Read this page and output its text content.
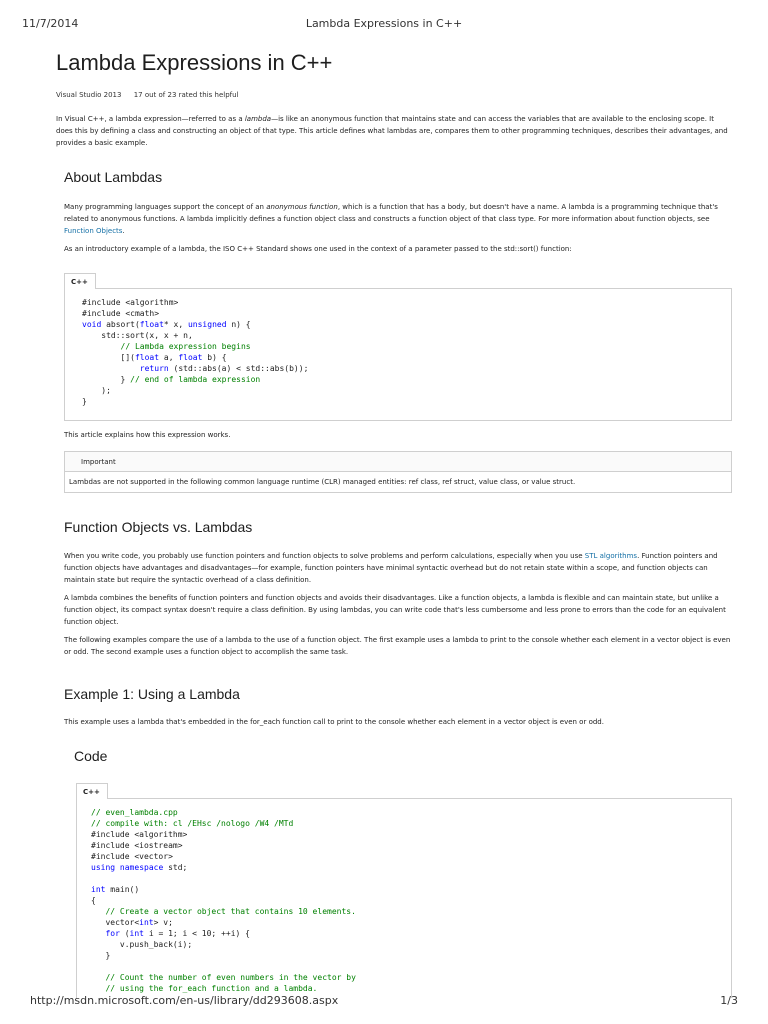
11/7/2014	Lambda Expressions in C++
Lambda Expressions in C++
Visual Studio 2013 17 out of 23 rated this helpful

In Visual C++, a lambda expression—referred to as a lambda—is like an anonymous function that maintains state and can access the variables that are available to the enclosing scope. It does this by defining a class and constructing an object of that type. This article defines what lambdas are, compares them to other programming techniques, describes their advantages, and provides a basic example.

About Lambdas

Many programming languages support the concept of an anonymous function, which is a function that has a body, but doesn't have a name. A lambda is a programming technique that's related to anonymous functions. A lambda implicitly defines a function object class and constructs a function object of that class type. For more information about function objects, see Function Objects.

As an introductory example of a lambda, the ISO C++ Standard shows one used in the context of a parameter passed to the std::sort() function:

C++
#include <algorithm>
#include <cmath>
void absort(float* x, unsigned n) {
std::sort(x, x + n,
// Lambda expression begins
[](float a, float b) {
return (std::abs(a) < std::abs(b));
} // end of lambda expression
);
}

This article explains how this expression works.

Important
Lambdas are not supported in the following common language runtime (CLR) managed entities: ref class, ref struct, value class, or value struct.
Function Objects vs. Lambdas

When you write code, you probably use function pointers and function objects to solve problems and perform calculations, especially when you use STL algorithms. Function pointers and function objects have advantages and disadvantages—for example, function pointers have minimal syntactic overhead but do not retain state within a scope, and function objects can maintain state but require the syntactic overhead of a class definition.

A lambda combines the benefits of function pointers and function objects and avoids their disadvantages. Like a function objects, a lambda is flexible and can maintain state, but unlike a function object, its compact syntax doesn't require a class definition. By using lambdas, you can write code that's less cumbersome and less prone to errors than the code for an equivalent function object.

The following examples compare the use of a lambda to the use of a function object. The first example uses a lambda to print to the console whether each element in a vector object is even or odd. The second example uses a function object to accomplish the same task.

Example 1: Using a Lambda

This example uses a lambda that's embedded in the for_each function call to print to the console whether each element in a vector object is even or odd.

Code
C++
// even_lambda.cpp
// compile with: cl /EHsc /nologo /W4 /MTd
#include <algorithm>
#include <iostream>
#include <vector>
using namespace std;

int main()
{
// Create a vector object that contains 10 elements.
vector<int> v;
for (int i = 1; i < 10; ++i) {
v.push_back(i);
}

// Count the number of even numbers in the vector by
// using the for_each function and a lambda.
http://msdn.microsoft.com/en-us/library/dd293608.aspx	1/3
